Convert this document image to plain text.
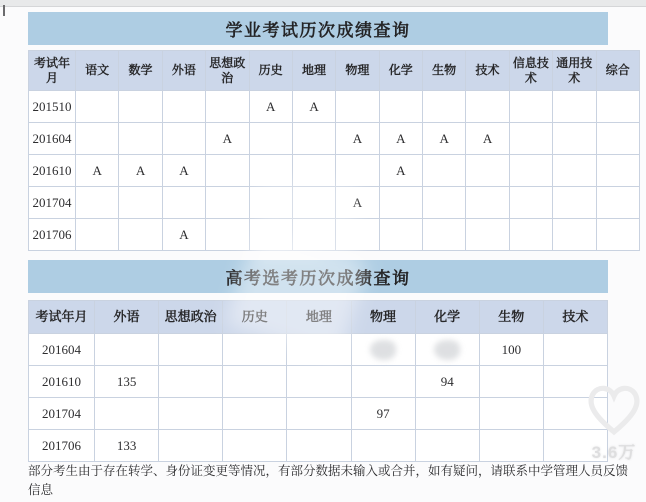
学业考试历次成绩查询
考试年月	语文	数学	外语	思想政治	历史	地理	物理	化学	生物	技术	信息技术	通用技术	综合
201510					A	A							
201604				A			A	A	A	A			
201610	A	A	A					A					
201704							A						
201706			A										
高考选考历次成绩查询
考试年月	外语	思想政治	历史	地理	物理	化学	生物	技术
201604							100	
201610	135					94		
201704					97			
201706	133							

部分考生由于存在转学、身份证变更等情况，有部分数据未输入或合并，如有疑问，请联系中学管理人员反馈信息

3.6万
